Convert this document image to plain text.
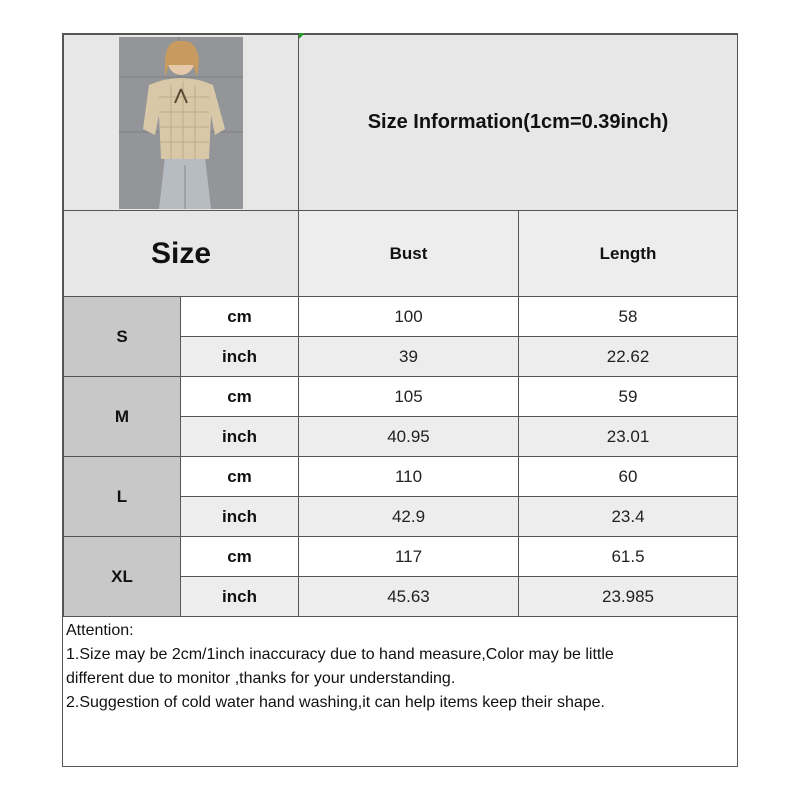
	Size Information(1cm=0.39inch)	
Size		Bust	Length
S	cm	100	58
	inch	39	22.62
M	cm	105	59
	inch	40.95	23.01
L	cm	110	60
	inch	42.9	23.4
XL	cm	117	61.5
	inch	45.63	23.985
Attention:
1.Size may be 2cm/1inch inaccuracy due to hand measure,Color may be little
different due to monitor ,thanks for your understanding.
2.Suggestion of cold water hand washing,it can help items keep their shape.
